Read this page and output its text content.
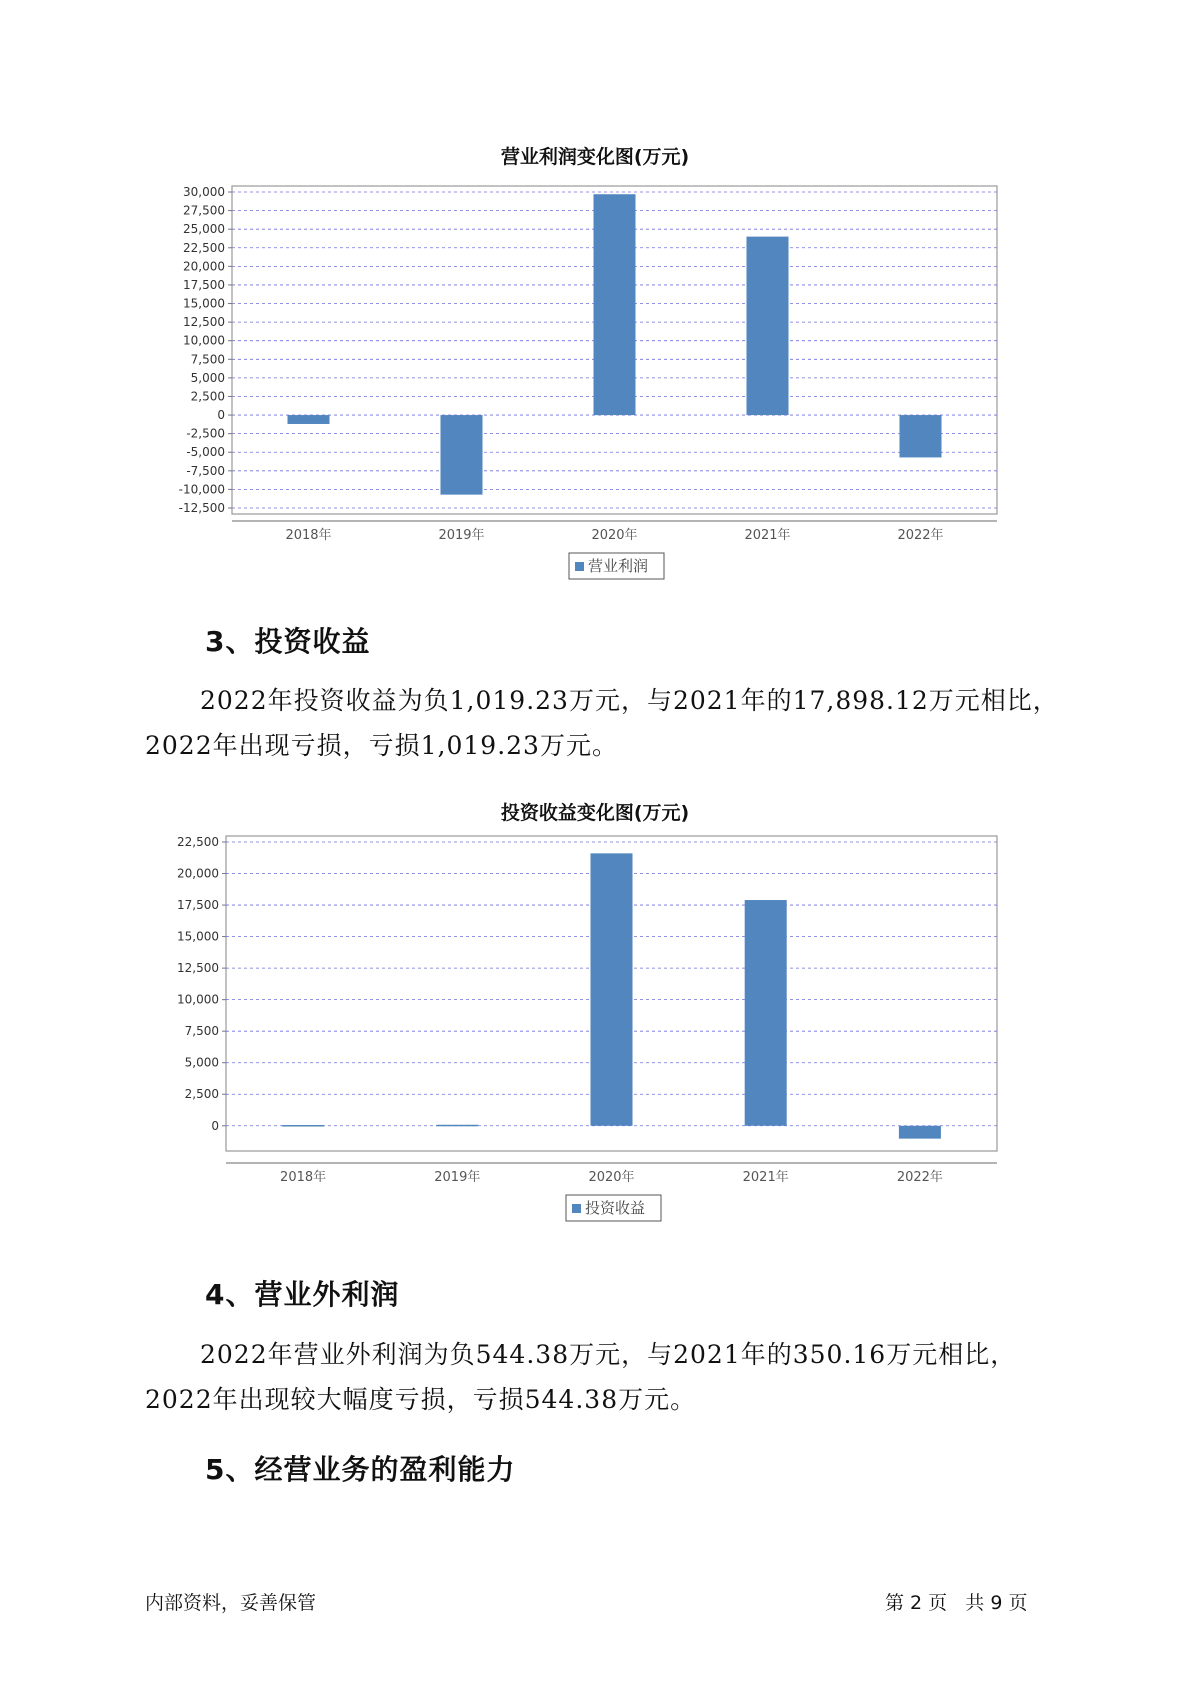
营业利润变化图(万元)
30,000
27,500
25,000
22,500
20,000
17,500
15,000
12,500
10,000
7,500
5,000
2,500
0
-2,500
-5,000
-7,500
-10,000
-12,500
2018年	2019年	2020年	2021年	2022年
营业利润
3、投资收益

2022年投资收益为负1,019.23万元，与2021年的17,898.12万元相比，2022年出现亏损，亏损1,019.23万元。

投资收益变化图(万元)
22,500
20,000
17,500
15,000
12,500
10,000
7,500
5,000
2,500
0
2018年	2019年	2020年	2021年	2022年
投资收益
4、营业外利润

2022年营业外利润为负544.38万元，与2021年的350.16万元相比，2022年出现较大幅度亏损，亏损544.38万元。

5、经营业务的盈利能力
内部资料，妥善保管	第 2 页   共 9 页
